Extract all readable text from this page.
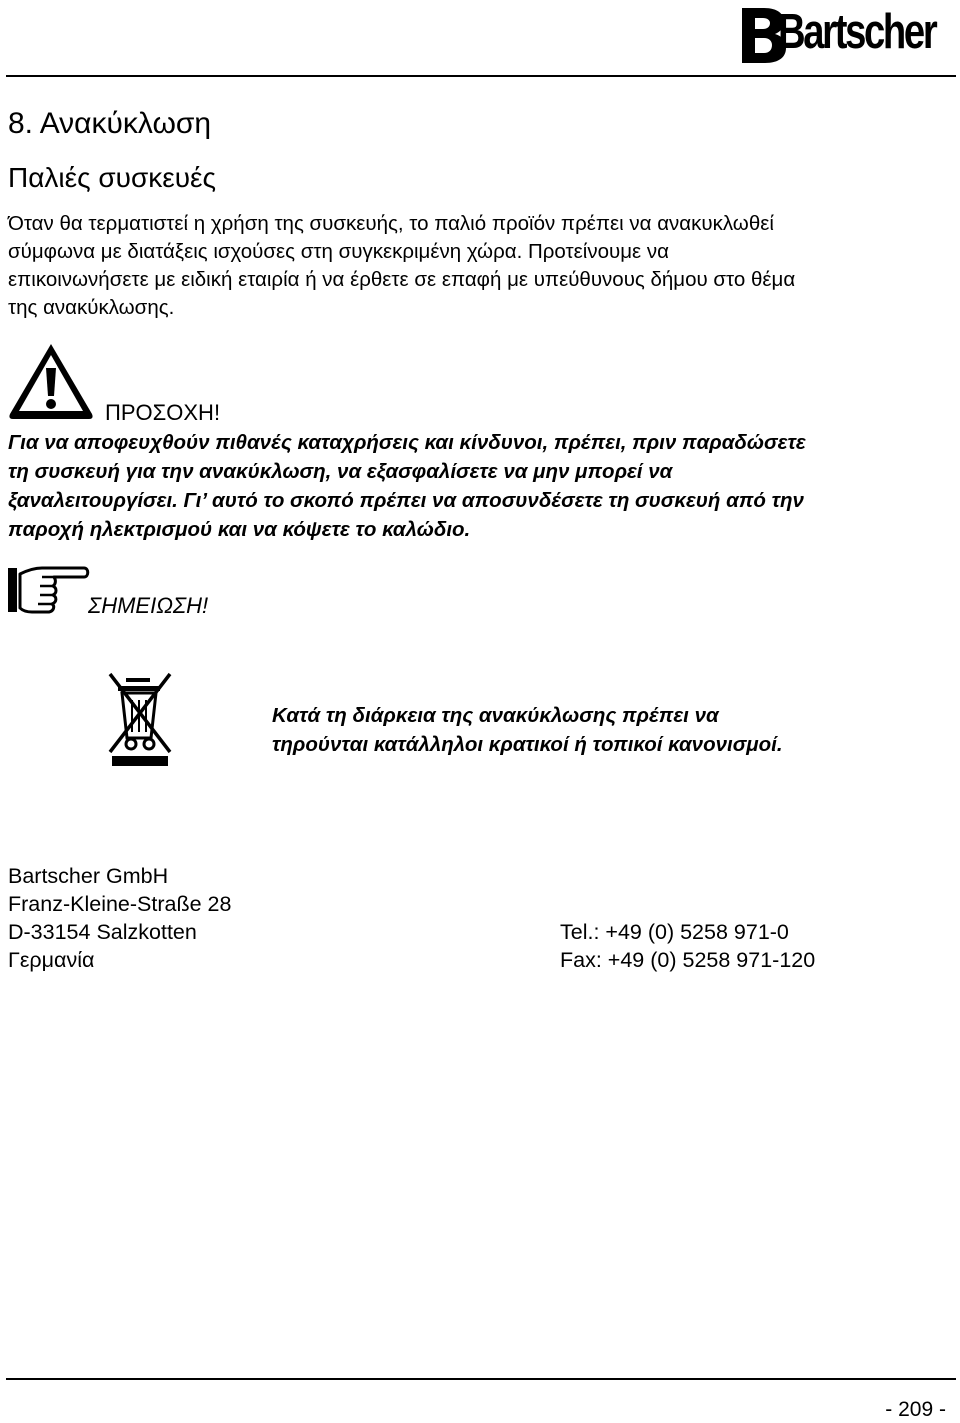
Bartscher
8. Ανακύκλωση
Παλιές συσκευές
Όταν θα τερματιστεί η χρήση της συσκευής, το παλιό προϊόν πρέπει να ανακυκλωθεί
σύμφωνα με διατάξεις ισχούσες στη συγκεκριμένη χώρα. Προτείνουμε να
επικοινωνήσετε με ειδική εταιρία ή να έρθετε σε επαφή με υπεύθυνους δήμου στο θέμα
της ανακύκλωσης.
ΠΡΟΣΟΧΗ!
Για να αποφευχθούν πιθανές καταχρήσεις και κίνδυνοι, πρέπει, πριν παραδώσετε
τη συσκευή για την ανακύκλωση, να εξασφαλίσετε να μην μπορεί να
ξαναλειτουργίσει. Γι’ αυτό το σκοπό πρέπει να αποσυνδέσετε τη συσκευή από την
παροχή ηλεκτρισμού και να κόψετε το καλώδιο.
ΣΗΜΕΙΩΣΗ!
Κατά τη διάρκεια της ανακύκλωσης πρέπει να
τηρούνται κατάλληλοι κρατικοί ή τοπικοί κανονισμοί.
Bartscher GmbH
Franz-Kleine-Straße 28
D-33154 Salzkotten
Γερμανία
Tel.: +49 (0) 5258 971-0
Fax: +49 (0) 5258 971-120
- 209 -
